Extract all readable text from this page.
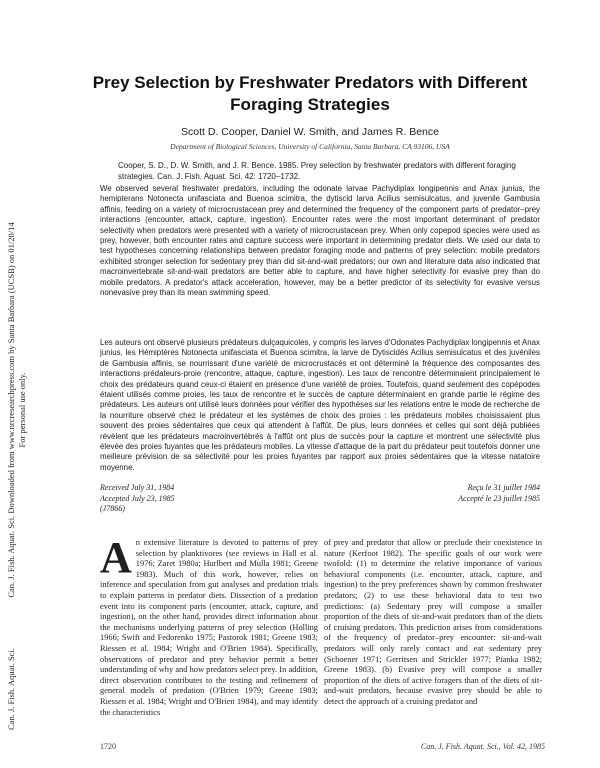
Can. J. Fish. Aquat. Sci. Downloaded from www.nrcresearchpress.com by Santa Barbara (UCSB) on 01/20/14 For personal use only.
Can. J. Fish. Aquat. Sci.
Prey Selection by Freshwater Predators with Different Foraging Strategies
Scott D. Cooper, Daniel W. Smith, and James R. Bence
Department of Biological Sciences, University of California, Santa Barbara, CA 93106, USA

Cooper, S. D., D. W. Smith, and J. R. Bence. 1985. Prey selection by freshwater predators with different foraging strategies. Can. J. Fish. Aquat. Sci. 42: 1720–1732.

We observed several freshwater predators, including the odonate larvae Pachydiplax longipennis and Anax junius, the hemipterans Notonecta unifasciata and Buenoa scimitra, the dytiscid larva Acilius semisulcatus, and juvenile Gambusia affinis, feeding on a variety of microcrustacean prey and determined the frequency of the component parts of predator–prey interactions (encounter, attack, capture, ingestion). Encounter rates were the most important determinant of predator selectivity when predators were presented with a variety of microcrustacean prey. When only copepod species were used as prey, however, both encounter rates and capture success were important in determining predator diets. We used our data to test hypotheses concerning relationships between predator foraging mode and patterns of prey selection: mobile predators exhibited stronger selection for sedentary prey than did sit-and-wait predators; our own and literature data also indicated that macroinvertebrate sit-and-wait predators are better able to capture, and have higher selectivity for evasive prey than do mobile predators. A predator's attack acceleration, however, may be a better predictor of its selectivity for evasive versus nonevasive prey than its mean swimming speed.

Les auteurs ont observé plusieurs prédateurs dulçaquicoles, y compris les larves d'Odonates Pachydiplax longipennis et Anax junius, les Hémiptères Notonecta unifasciata et Buenoa scimitra, la larve de Dytiscidés Acilius semisulcatus et des juvéniles de Gambusia affinis, se nourrissant d'une variété de microcrustacés et ont déterminé la fréquence des composantes des interactions prédateurs-proie (rencontre, attaque, capture, ingestion). Les taux de rencontre déterminaient principalement le choix des prédateurs quand ceux-ci étaient en présence d'une variété de proies. Toutefois, quand seulement des copépodes étaient utilisés comme proies, les taux de rencontre et le succès de capture déterminaient en grande partie le régime des prédateurs. Les auteurs ont utilisé leurs données pour vérifier des hypothèses sur les relations entre le mode de recherche de la nourriture observé chez le prédateur et les systèmes de choix des proies : les prédateurs mobiles choisissaient plus souvent des proies sédentaires que ceux qui attendent à l'affût. De plus, leurs données et celles qui sont déjà publiées révèlent que les prédateurs macroinvertébrés à l'affût ont plus de succès pour la capture et montrent une sélectivité plus élevée des proies fuyantes que les prédateurs mobiles. La vitesse d'attaque de la part du prédateur peut toutefois donner une meilleure prévision de sa sélectivité pour les proies fuyantes par rapport aux proies sédentaires que la vitesse natatoire moyenne.

Received July 31, 1984
Accepted July 23, 1985
(J7866)
Reçu le 31 juillet 1984
Accepté le 23 juillet 1985
A n extensive literature is devoted to patterns of prey selection by planktivores (see reviews in Hall et al. 1976; Zaret 1980a; Hurlbert and Mulla 1981; Greene 1983). Much of this work, however, relies on inference and speculation from gut analyses and predation trials to explain patterns in predator diets. Dissection of a predation event into its component parts (encounter, attack, capture, and ingestion), on the other hand, provides direct information about the mechanisms underlying patterns of prey selection (Holling 1966; Swift and Fedorenko 1975; Pastorok 1981; Greene 1983; Riessen et al. 1984; Wright and O'Brien 1984). Specifically, observations of predator and prey behavior permit a better understanding of why and how predators select prey. In addition, direct observation contributes to the testing and refinement of general models of predation (O'Brien 1979; Greene 1983; Riessen et al. 1984; Wright and O'Brien 1984), and may identify the characteristics
of prey and predator that allow or preclude their coexistence in nature (Kerfoot 1982). The specific goals of our work were twofold: (1) to determine the relative importance of various behavioral components (i.e. encounter, attack, capture, and ingestion) to the prey preferences shown by common freshwater predators; (2) to use these behavioral data to test two predictions: (a) Sedentary prey will compose a smaller proportion of the diets of sit-and-wait predators than of the diets of cruising predators. This prediction arises from considerations of the frequency of predator–prey encounter: sit-and-wait predators will only rarely contact and eat sedentary prey (Schoener 1971; Gerritsen and Strickler 1977; Pianka 1982; Greene 1983). (b) Evasive prey will compose a smaller proportion of the diets of active foragers than of the diets of sit-and-wait predators, because evasive prey should be able to detect the approach of a cruising predator and
1720	Can. J. Fish. Aquat. Sci., Vol. 42, 1985
